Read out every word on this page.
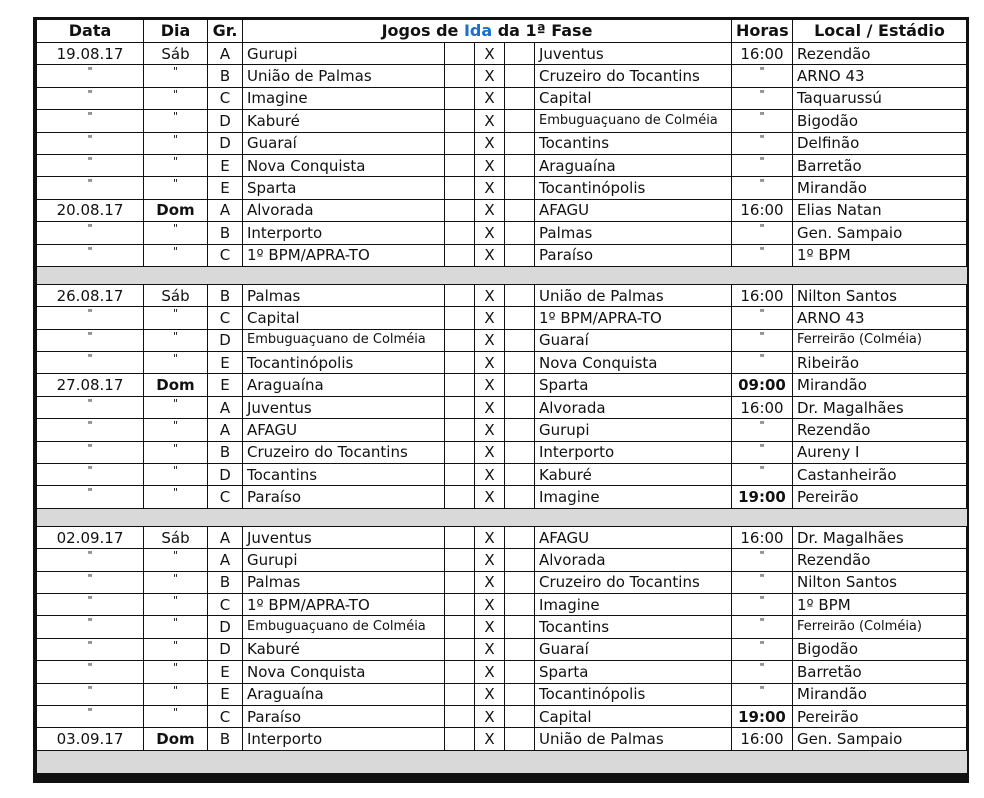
Data	Dia	Gr.	Jogos de Ida da 1ª Fase					Horas	Local / Estádio
19.08.17	Sáb	A	Gurupi		X		Juventus	16:00	Rezendão
"	"	B	União de Palmas		X		Cruzeiro do Tocantins	"	ARNO 43
"	"	C	Imagine		X		Capital	"	Taquarussú
"	"	D	Kaburé		X		Embuguaçuano de Colméia	"	Bigodão
"	"	D	Guaraí		X		Tocantins	"	Delfinão
"	"	E	Nova Conquista		X		Araguaína	"	Barretão
"	"	E	Sparta		X		Tocantinópolis	"	Mirandão
20.08.17	Dom	A	Alvorada		X		AFAGU	16:00	Elias Natan
"	"	B	Interporto		X		Palmas	"	Gen. Sampaio
"	"	C	1º BPM/APRA-TO		X		Paraíso	"	1º BPM

26.08.17	Sáb	B	Palmas		X		União de Palmas	16:00	Nilton Santos
"	"	C	Capital		X		1º BPM/APRA-TO	"	ARNO 43
"	"	D	Embuguaçuano de Colméia		X		Guaraí	"	Ferreirão (Colméia)
"	"	E	Tocantinópolis		X		Nova Conquista	"	Ribeirão
27.08.17	Dom	E	Araguaína		X		Sparta	09:00	Mirandão
"	"	A	Juventus		X		Alvorada	16:00	Dr. Magalhães
"	"	A	AFAGU		X		Gurupi	"	Rezendão
"	"	B	Cruzeiro do Tocantins		X		Interporto	"	Aureny I
"	"	D	Tocantins		X		Kaburé	"	Castanheirão
"	"	C	Paraíso		X		Imagine	19:00	Pereirão

02.09.17	Sáb	A	Juventus		X		AFAGU	16:00	Dr. Magalhães
"	"	A	Gurupi		X		Alvorada	"	Rezendão
"	"	B	Palmas		X		Cruzeiro do Tocantins	"	Nilton Santos
"	"	C	1º BPM/APRA-TO		X		Imagine	"	1º BPM
"	"	D	Embuguaçuano de Colméia		X		Tocantins	"	Ferreirão (Colméia)
"	"	D	Kaburé		X		Guaraí	"	Bigodão
"	"	E	Nova Conquista		X		Sparta	"	Barretão
"	"	E	Araguaína		X		Tocantinópolis	"	Mirandão
"	"	C	Paraíso		X		Capital	19:00	Pereirão
03.09.17	Dom	B	Interporto		X		União de Palmas	16:00	Gen. Sampaio
